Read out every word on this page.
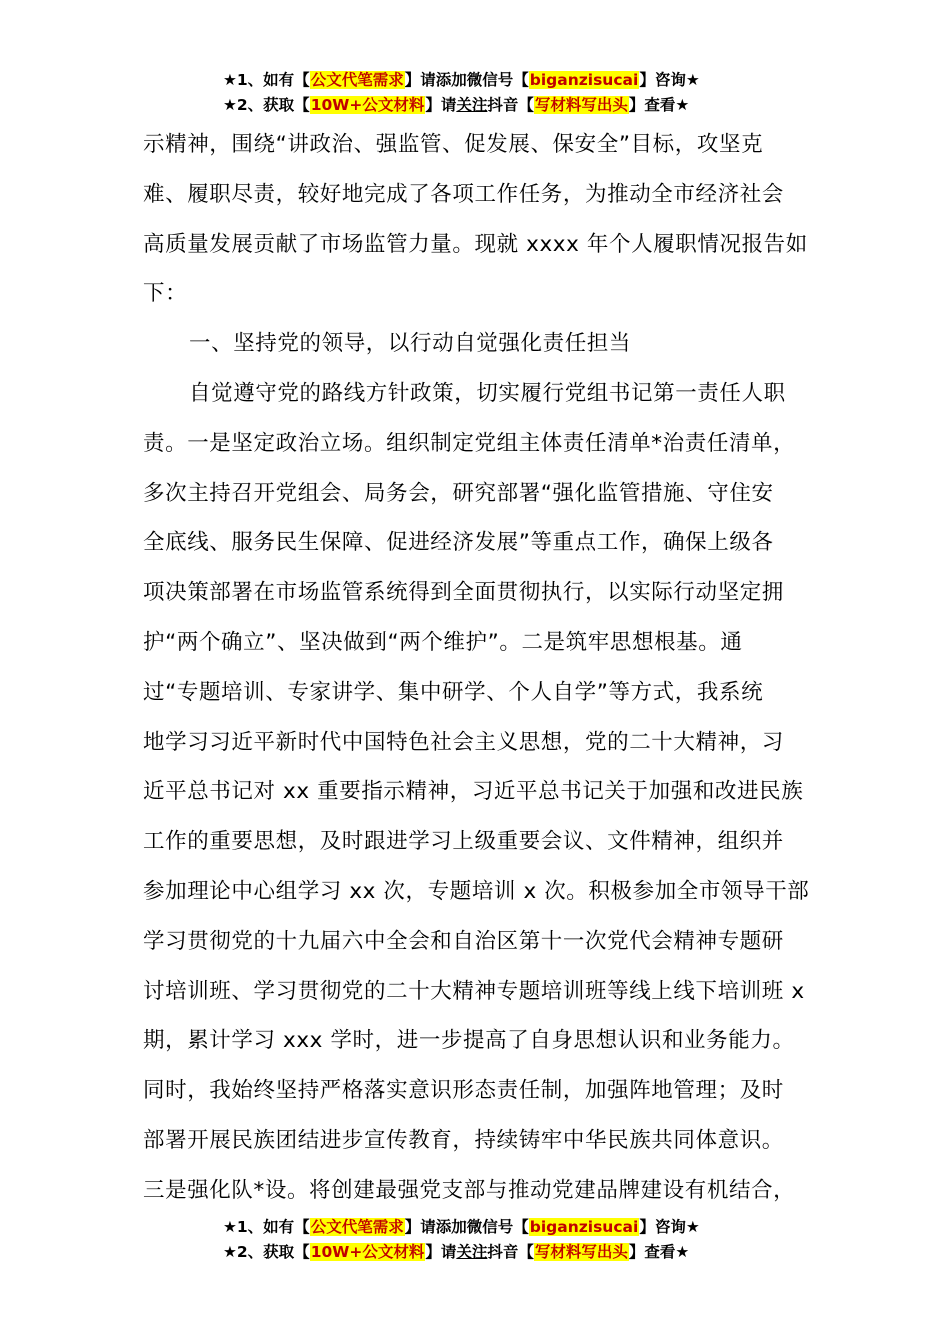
★1、如有【公文代笔需求】请添加微信号【biganzisucai】咨询★
★2、获取【10W+公文材料】请关注抖音【写材料写出头】查看★
示精神，围绕“讲政治、强监管、促发展、保安全”目标，攻坚克
难、履职尽责，较好地完成了各项工作任务，为推动全市经济社会
高质量发展贡献了市场监管力量。现就 xxxx 年个人履职情况报告如
下：
一、坚持党的领导，以行动自觉强化责任担当
自觉遵守党的路线方针政策，切实履行党组书记第一责任人职
责。一是坚定政治立场。组织制定党组主体责任清单*治责任清单，
多次主持召开党组会、局务会，研究部署“强化监管措施、守住安
全底线、服务民生保障、促进经济发展”等重点工作，确保上级各
项决策部署在市场监管系统得到全面贯彻执行，以实际行动坚定拥
护“两个确立”、坚决做到“两个维护”。二是筑牢思想根基。通
过“专题培训、专家讲学、集中研学、个人自学”等方式，我系统
地学习习近平新时代中国特色社会主义思想，党的二十大精神，习
近平总书记对 xx 重要指示精神，习近平总书记关于加强和改进民族
工作的重要思想，及时跟进学习上级重要会议、文件精神，组织并
参加理论中心组学习 xx 次，专题培训 x 次。积极参加全市领导干部
学习贯彻党的十九届六中全会和自治区第十一次党代会精神专题研
讨培训班、学习贯彻党的二十大精神专题培训班等线上线下培训班 x
期，累计学习 xxx 学时，进一步提高了自身思想认识和业务能力。
同时，我始终坚持严格落实意识形态责任制，加强阵地管理；及时
部署开展民族团结进步宣传教育，持续铸牢中华民族共同体意识。
三是强化队*设。将创建最强党支部与推动党建品牌建设有机结合，
★1、如有【公文代笔需求】请添加微信号【biganzisucai】咨询★
★2、获取【10W+公文材料】请关注抖音【写材料写出头】查看★
